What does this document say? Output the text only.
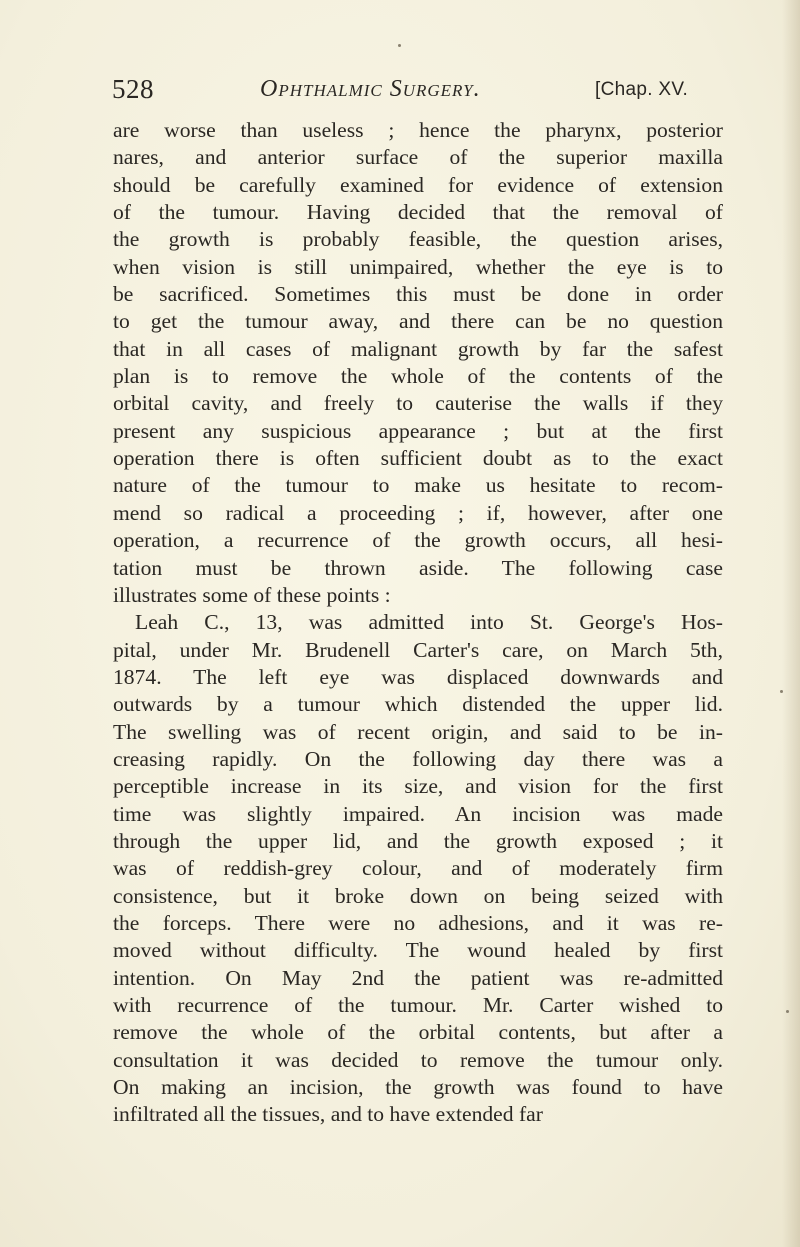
528	Ophthalmic Surgery.	[Chap. XV.
are worse than useless ; hence the pharynx, posterior
nares, and anterior surface of the superior maxilla
should be carefully examined for evidence of extension
of the tumour. Having decided that the removal of
the growth is probably feasible, the question arises,
when vision is still unimpaired, whether the eye is to
be sacrificed. Sometimes this must be done in order
to get the tumour away, and there can be no question
that in all cases of malignant growth by far the safest
plan is to remove the whole of the contents of the
orbital cavity, and freely to cauterise the walls if they
present any suspicious appearance ; but at the first
operation there is often sufficient doubt as to the exact
nature of the tumour to make us hesitate to recom-
mend so radical a proceeding ; if, however, after one
operation, a recurrence of the growth occurs, all hesi-
tation must be thrown aside. The following case
illustrates some of these points :
Leah C., 13, was admitted into St. George's Hos-
pital, under Mr. Brudenell Carter's care, on March 5th,
1874. The left eye was displaced downwards and
outwards by a tumour which distended the upper lid.
The swelling was of recent origin, and said to be in-
creasing rapidly. On the following day there was a
perceptible increase in its size, and vision for the first
time was slightly impaired. An incision was made
through the upper lid, and the growth exposed ; it
was of reddish-grey colour, and of moderately firm
consistence, but it broke down on being seized with
the forceps. There were no adhesions, and it was re-
moved without difficulty. The wound healed by first
intention. On May 2nd the patient was re-admitted
with recurrence of the tumour. Mr. Carter wished to
remove the whole of the orbital contents, but after a
consultation it was decided to remove the tumour only.
On making an incision, the growth was found to have
infiltrated all the tissues, and to have extended far
